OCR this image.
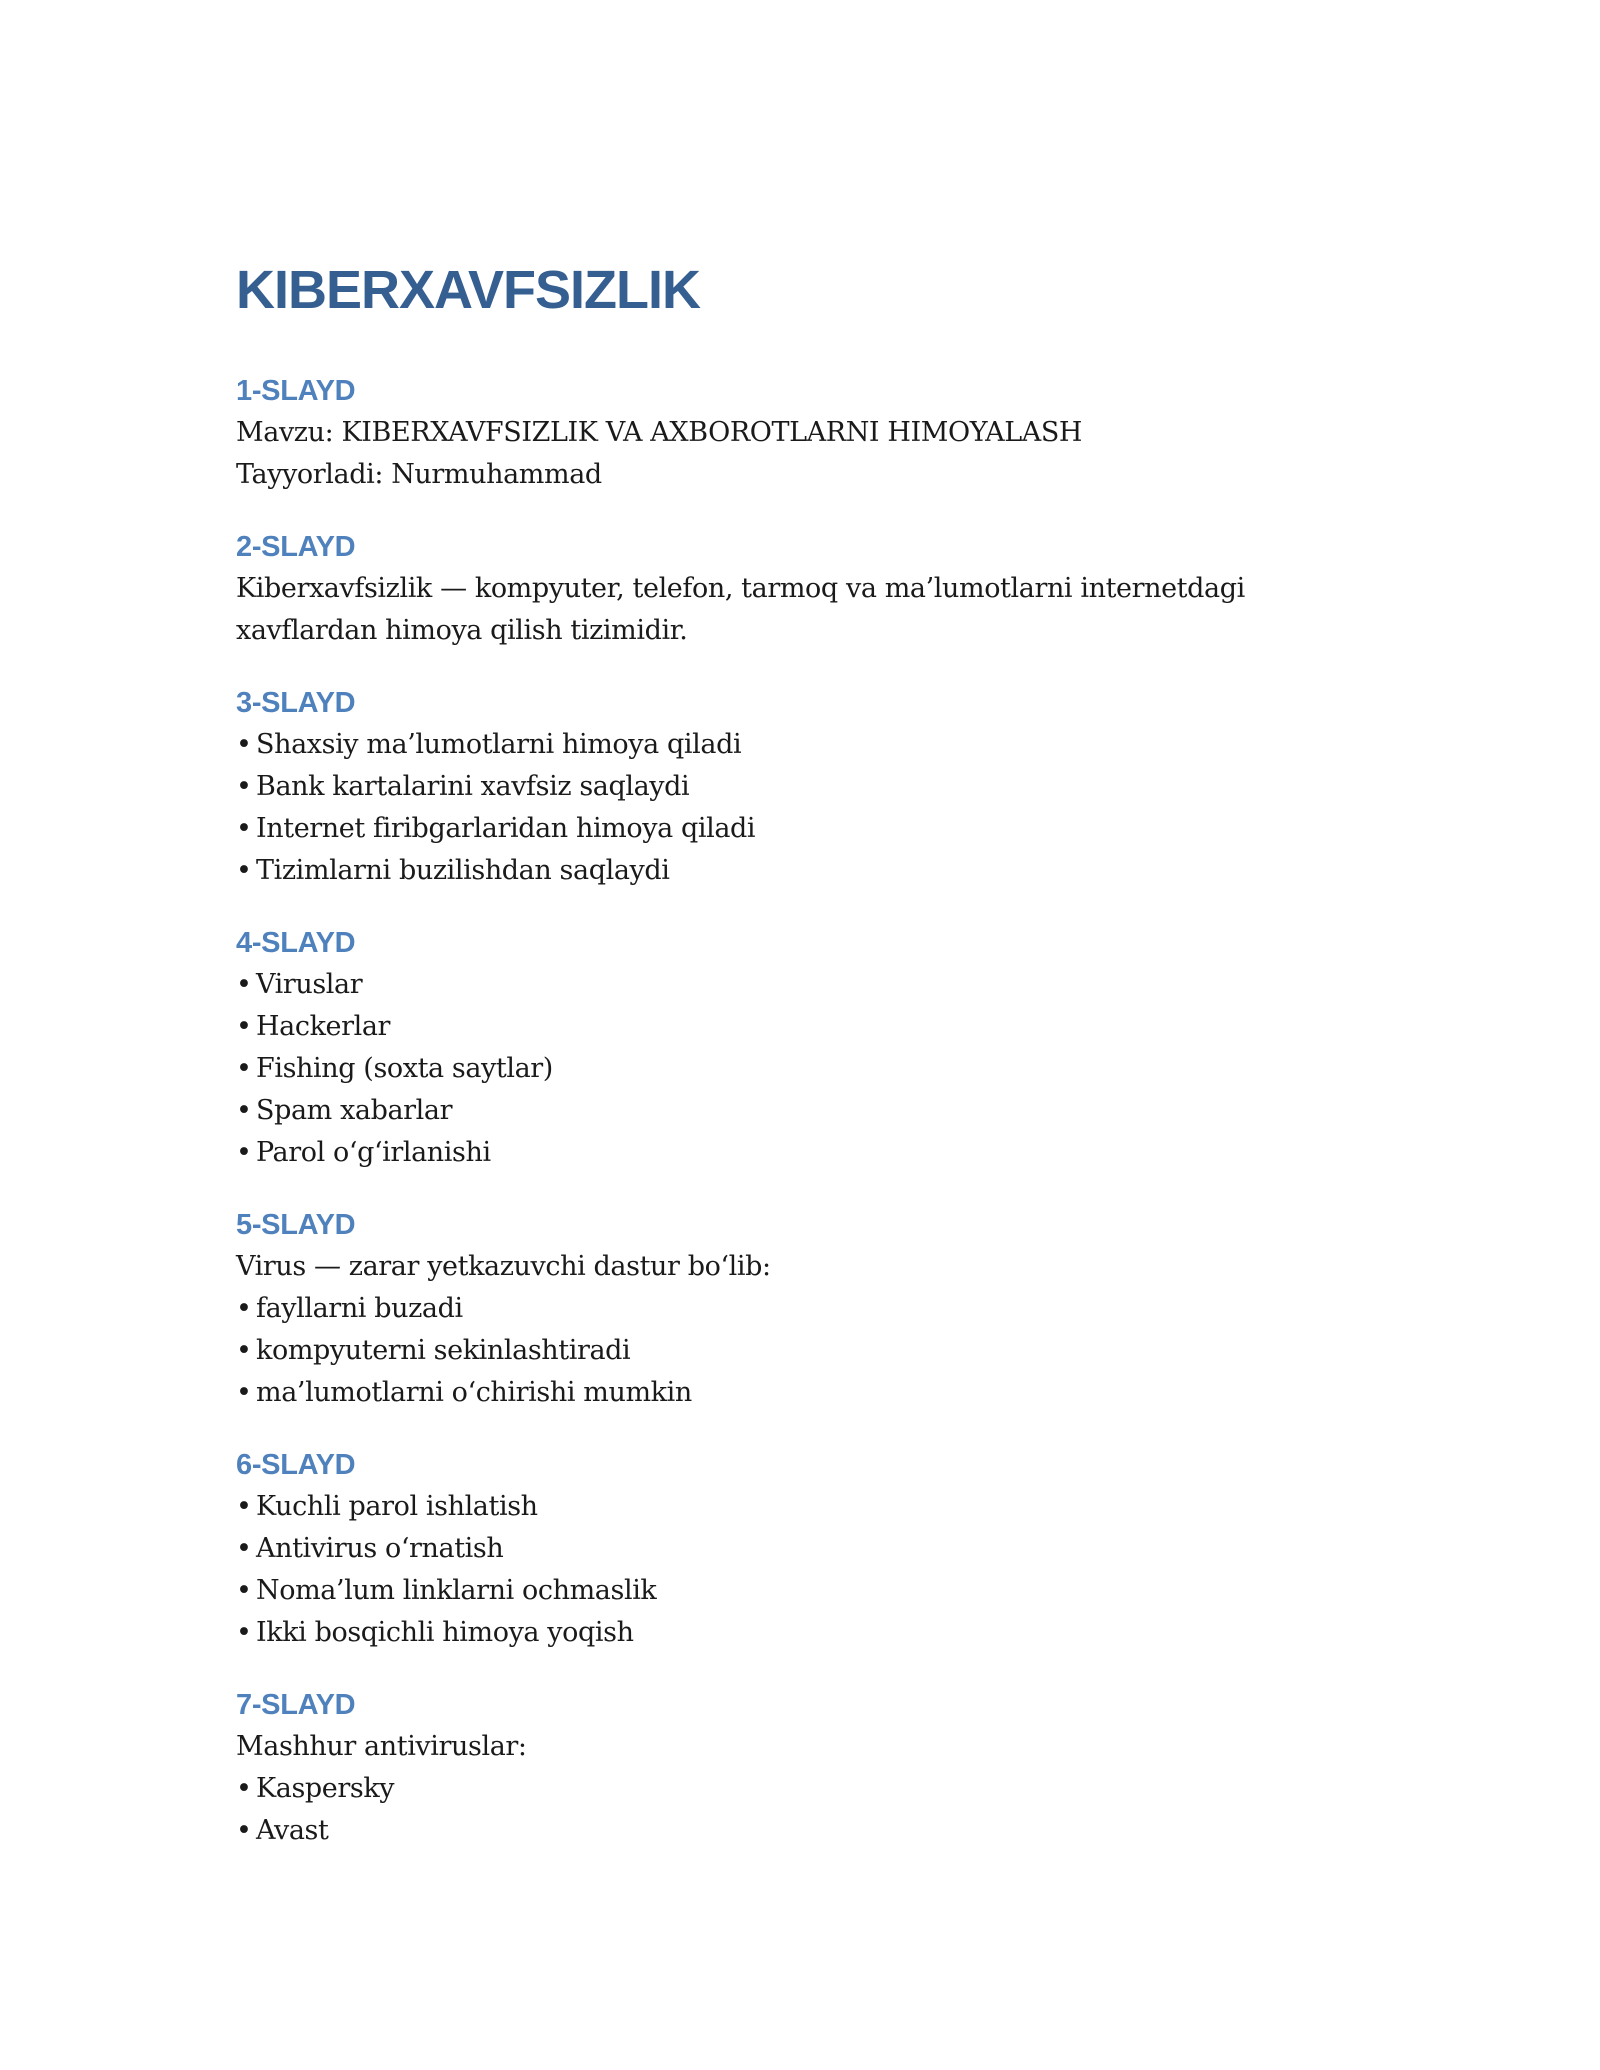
KIBERXAVFSIZLIK
1-SLAYD
Mavzu: KIBERXAVFSIZLIK VA AXBOROTLARNI HIMOYALASH
Tayyorladi: Nurmuhammad
2-SLAYD
Kiberxavfsizlik — kompyuter, telefon, tarmoq va ma’lumotlarni internetdagi
xavflardan himoya qilish tizimidir.
3-SLAYD
• Shaxsiy ma’lumotlarni himoya qiladi
• Bank kartalarini xavfsiz saqlaydi
• Internet firibgarlaridan himoya qiladi
• Tizimlarni buzilishdan saqlaydi
4-SLAYD
• Viruslar
• Hackerlar
• Fishing (soxta saytlar)
• Spam xabarlar
• Parol o‘g‘irlanishi
5-SLAYD
Virus — zarar yetkazuvchi dastur bo‘lib:
• fayllarni buzadi
• kompyuterni sekinlashtiradi
• ma’lumotlarni o‘chirishi mumkin
6-SLAYD
• Kuchli parol ishlatish
• Antivirus o‘rnatish
• Noma’lum linklarni ochmaslik
• Ikki bosqichli himoya yoqish
7-SLAYD
Mashhur antiviruslar:
• Kaspersky
• Avast
